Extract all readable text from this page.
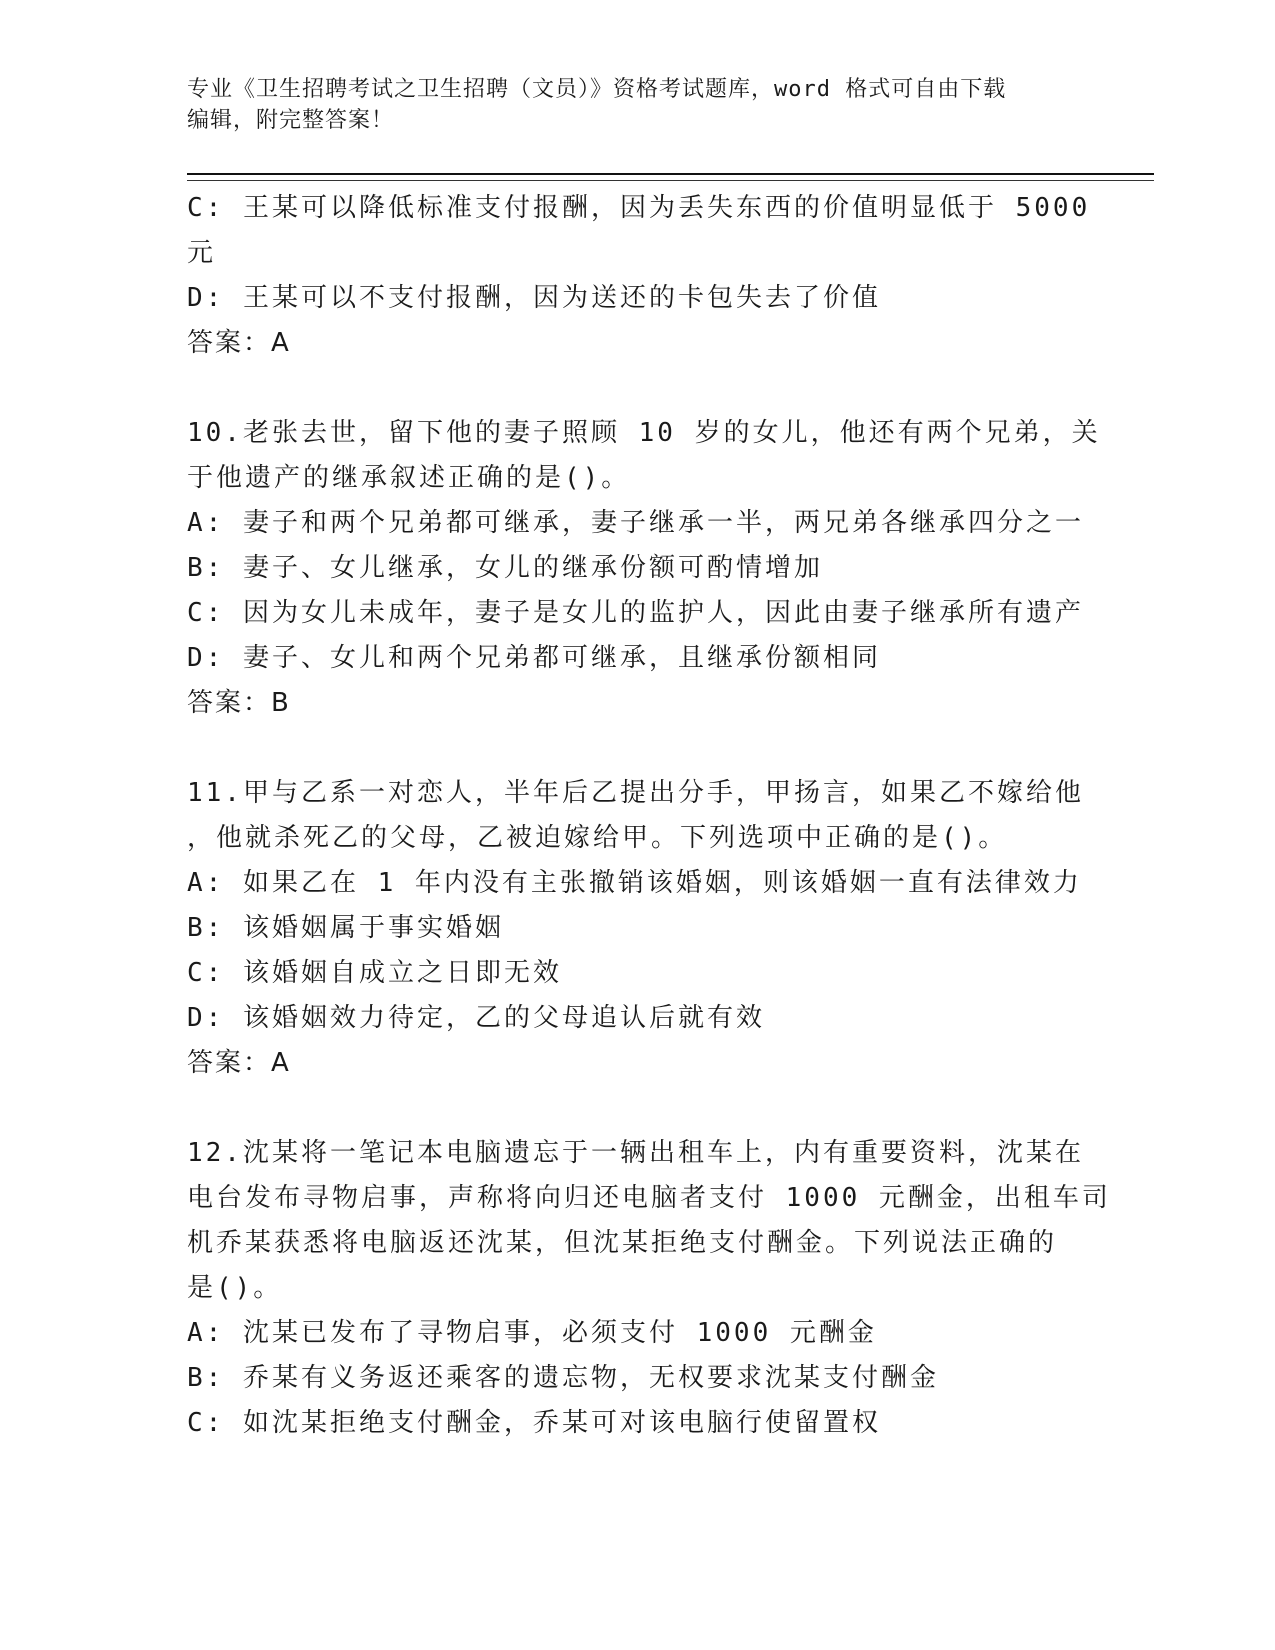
专业《卫生招聘考试之卫生招聘（文员）》资格考试题库，word 格式可自由下载
编辑，附完整答案！
C: 王某可以降低标准支付报酬，因为丢失东西的价值明显低于 5000
元
D: 王某可以不支付报酬，因为送还的卡包失去了价值
答案：A
10.老张去世，留下他的妻子照顾 10 岁的女儿，他还有两个兄弟，关
于他遗产的继承叙述正确的是()。
A: 妻子和两个兄弟都可继承，妻子继承一半，两兄弟各继承四分之一
B: 妻子、女儿继承，女儿的继承份额可酌情增加
C: 因为女儿未成年，妻子是女儿的监护人，因此由妻子继承所有遗产
D: 妻子、女儿和两个兄弟都可继承，且继承份额相同
答案：B
11.甲与乙系一对恋人，半年后乙提出分手，甲扬言，如果乙不嫁给他
，他就杀死乙的父母，乙被迫嫁给甲。下列选项中正确的是()。
A: 如果乙在 1 年内没有主张撤销该婚姻，则该婚姻一直有法律效力
B: 该婚姻属于事实婚姻
C: 该婚姻自成立之日即无效
D: 该婚姻效力待定，乙的父母追认后就有效
答案：A
12.沈某将一笔记本电脑遗忘于一辆出租车上，内有重要资料，沈某在
电台发布寻物启事，声称将向归还电脑者支付 1000 元酬金，出租车司
机乔某获悉将电脑返还沈某，但沈某拒绝支付酬金。下列说法正确的
是()。
A: 沈某已发布了寻物启事，必须支付 1000 元酬金
B: 乔某有义务返还乘客的遗忘物，无权要求沈某支付酬金
C: 如沈某拒绝支付酬金，乔某可对该电脑行使留置权
